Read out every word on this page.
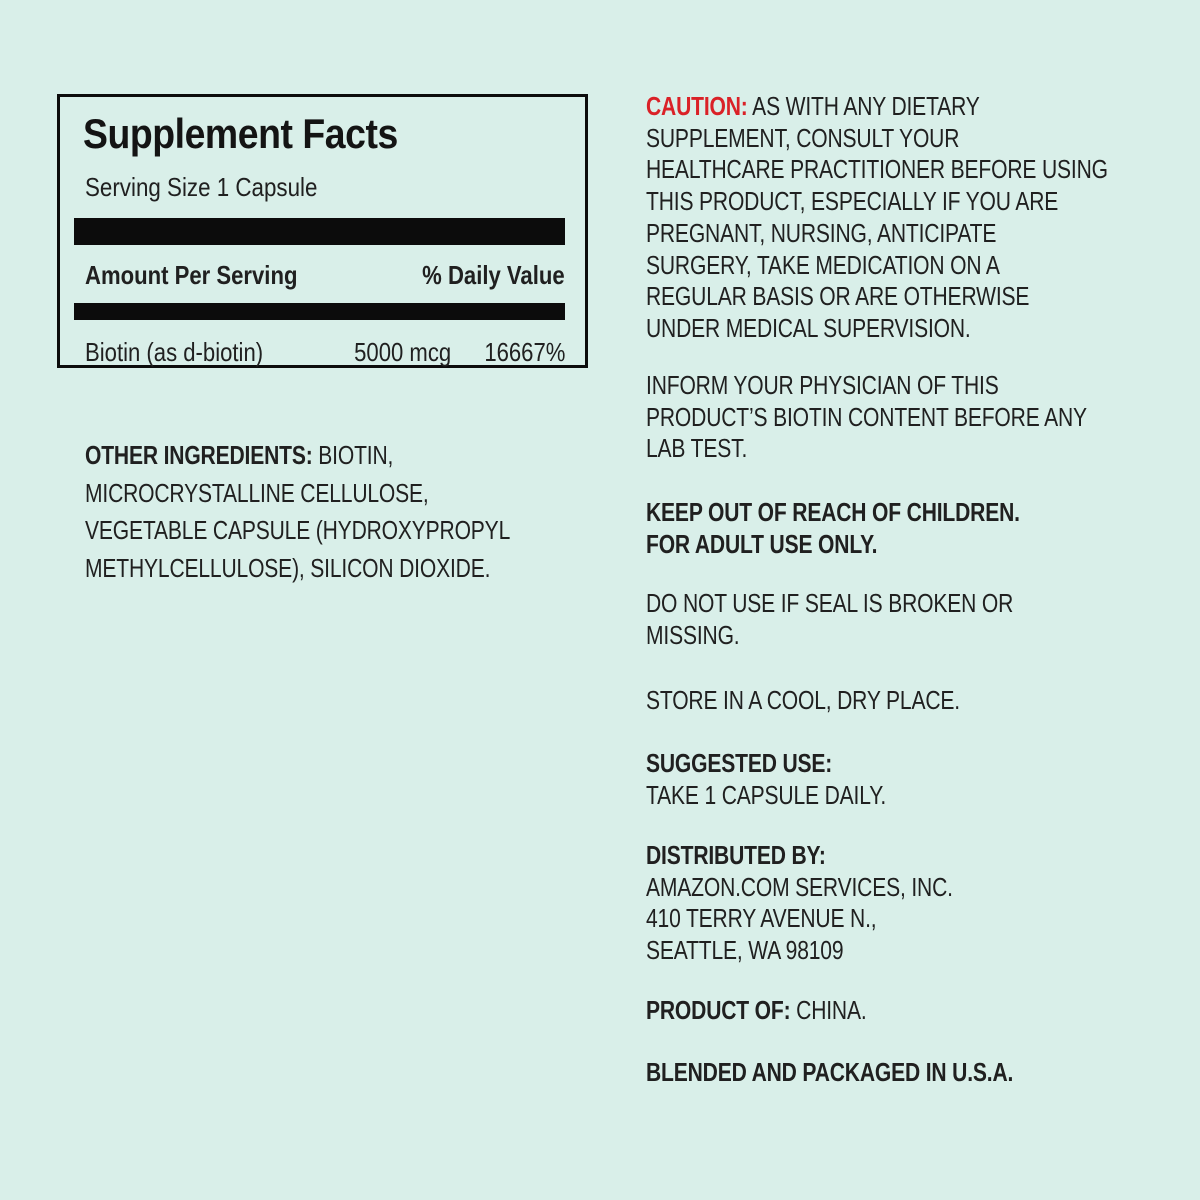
Supplement Facts
Serving Size 1 Capsule
Amount Per Serving	% Daily Value
Biotin (as d-biotin)	5000 mcg 16667%

OTHER INGREDIENTS: BIOTIN,
MICROCRYSTALLINE CELLULOSE,
VEGETABLE CAPSULE (HYDROXYPROPYL
METHYLCELLULOSE), SILICON DIOXIDE.

CAUTION: AS WITH ANY DIETARY
SUPPLEMENT, CONSULT YOUR
HEALTHCARE PRACTITIONER BEFORE USING
THIS PRODUCT, ESPECIALLY IF YOU ARE
PREGNANT, NURSING, ANTICIPATE
SURGERY, TAKE MEDICATION ON A
REGULAR BASIS OR ARE OTHERWISE
UNDER MEDICAL SUPERVISION.

INFORM YOUR PHYSICIAN OF THIS
PRODUCT’S BIOTIN CONTENT BEFORE ANY
LAB TEST.

KEEP OUT OF REACH OF CHILDREN.
FOR ADULT USE ONLY.

DO NOT USE IF SEAL IS BROKEN OR
MISSING.

STORE IN A COOL, DRY PLACE.

SUGGESTED USE:
TAKE 1 CAPSULE DAILY.

DISTRIBUTED BY:
AMAZON.COM SERVICES, INC.
410 TERRY AVENUE N.,
SEATTLE, WA 98109

PRODUCT OF: CHINA.

BLENDED AND PACKAGED IN U.S.A.
